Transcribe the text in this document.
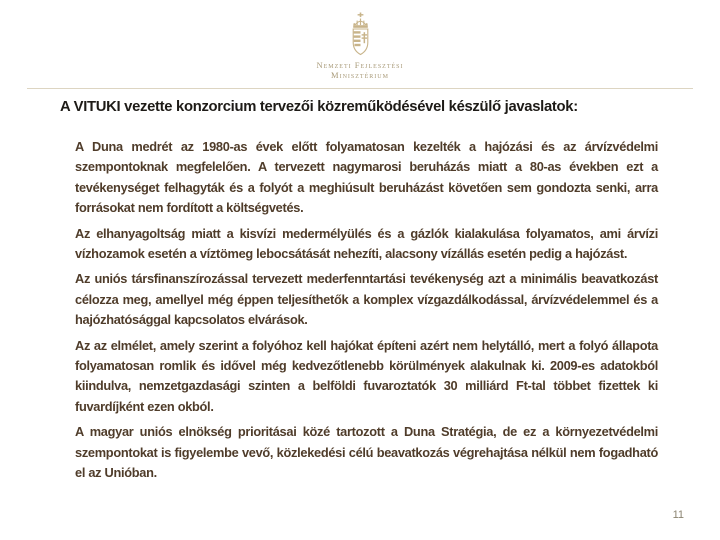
Nemzeti Fejlesztési
Minisztérium
A VITUKI vezette konzorcium tervezői közreműködésével készülő javaslatok:

A Duna medrét az 1980-as évek előtt folyamatosan kezelték a hajózási és az árvízvédelmi szempontoknak megfelelően. A tervezett nagymarosi beruházás miatt a 80-as években ezt a tevékenységet felhagyták és a folyót a meghiúsult beruházást követően sem gondozta senki, arra forrásokat nem fordított a költségvetés.

Az elhanyagoltság miatt a kisvízi medermélyülés és a gázlók kialakulása folyamatos, ami árvízi vízhozamok esetén a víztömeg lebocsátását nehezíti, alacsony vízállás esetén pedig a hajózást.

Az uniós társfinanszírozással tervezett mederfenntartási tevékenység azt a minimális beavatkozást célozza meg, amellyel még éppen teljesíthetők a komplex vízgazdálkodással, árvízvédelemmel és a hajózhatósággal kapcsolatos elvárások.

Az az elmélet, amely szerint a folyóhoz kell hajókat építeni azért nem helytálló, mert a folyó állapota folyamatosan romlik és idővel még kedvezőtlenebb körülmények alakulnak ki. 2009-es adatokból kiindulva, nemzetgazdasági szinten a belföldi fuvaroztatók 30 milliárd Ft-tal többet fizettek ki fuvardíjként ezen okból.

A magyar uniós elnökség prioritásai közé tartozott a Duna Stratégia, de ez a környezetvédelmi szempontokat is figyelembe vevő, közlekedési célú beavatkozás végrehajtása nélkül nem fogadható el az Unióban.

11
